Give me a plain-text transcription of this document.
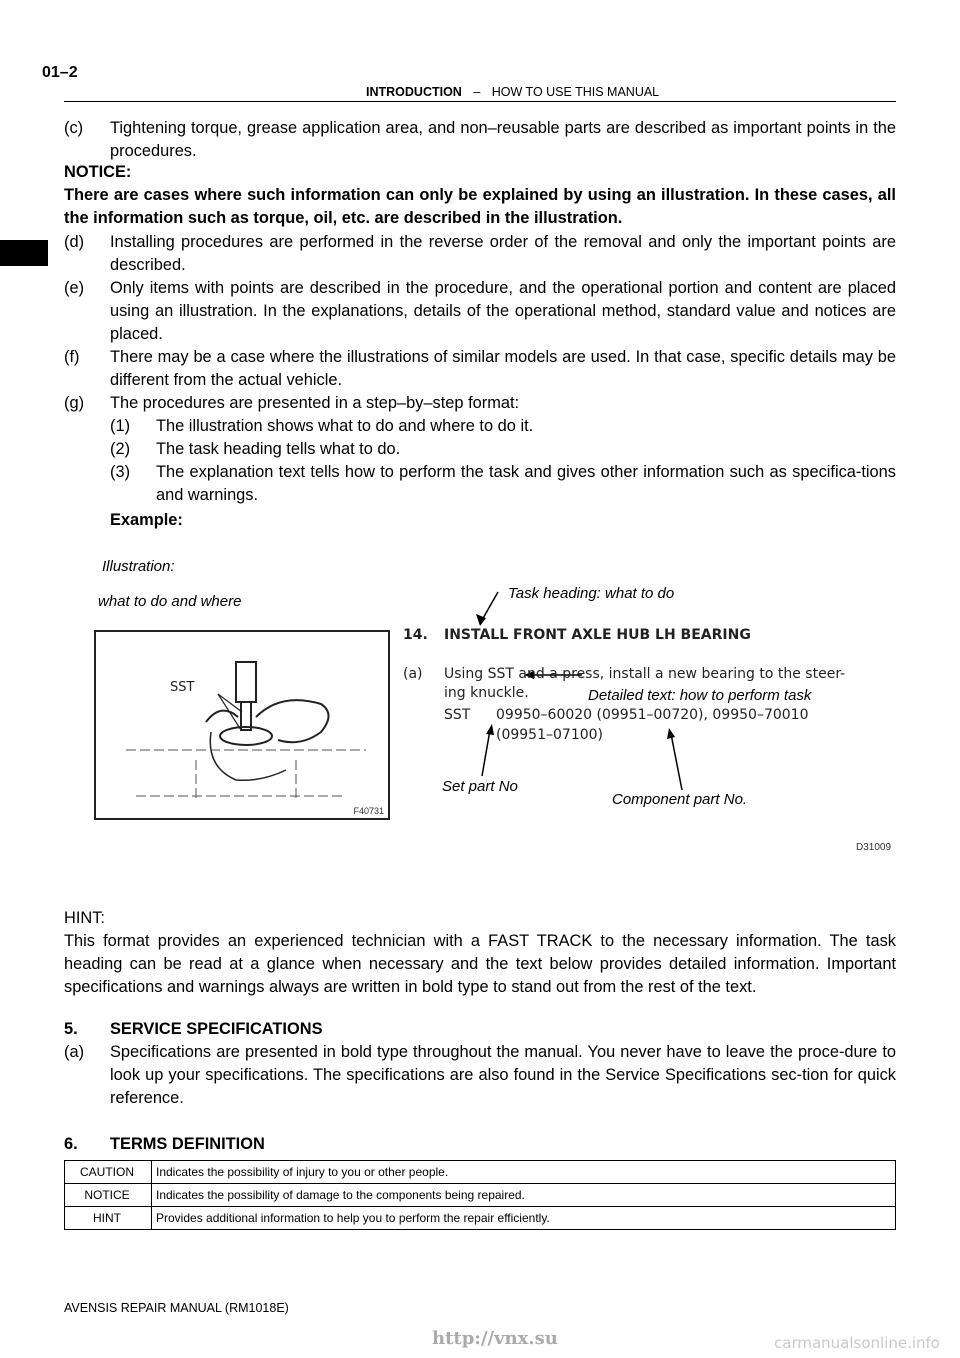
01–2
INTRODUCTION – HOW TO USE THIS MANUAL
(c) Tightening torque, grease application area, and non–reusable parts are described as important points in the procedures.
NOTICE:
There are cases where such information can only be explained by using an illustration. In these cases, all the information such as torque, oil, etc. are described in the illustration.
(d) Installing procedures are performed in the reverse order of the removal and only the important points are described.
(e) Only items with points are described in the procedure, and the operational portion and content are placed using an illustration. In the explanations, details of the operational method, standard value and notices are placed.
(f) There may be a case where the illustrations of similar models are used. In that case, specific details may be different from the actual vehicle.
(g) The procedures are presented in a step–by–step format:
(1) The illustration shows what to do and where to do it.
(2) The task heading tells what to do.
(3) The explanation text tells how to perform the task and gives other information such as specifica-tions and warnings.
Example:
Illustration:
what to do and where	Task heading: what to do
SST
F40731
14. INSTALL FRONT AXLE HUB LH BEARING
(a) Using SST and a press, install a new bearing to the steer-
ing knuckle.	Detailed text: how to perform task
SST 09950–60020 (09951–00720), 09950–70010
(09951–07100)
Set part No
Component part No.
D31009
HINT:
This format provides an experienced technician with a FAST TRACK to the necessary information. The task heading can be read at a glance when necessary and the text below provides detailed information. Important specifications and warnings always are written in bold type to stand out from the rest of the text.
5. SERVICE SPECIFICATIONS
(a) Specifications are presented in bold type throughout the manual. You never have to leave the proce-dure to look up your specifications. The specifications are also found in the Service Specifications sec-tion for quick reference.
6. TERMS DEFINITION
CAUTION	Indicates the possibility of injury to you or other people.
NOTICE	Indicates the possibility of damage to the components being repaired.
HINT	Provides additional information to help you to perform the repair efficiently.
AVENSIS REPAIR MANUAL (RM1018E)
http://vnx.su	carmanualsonline.info
